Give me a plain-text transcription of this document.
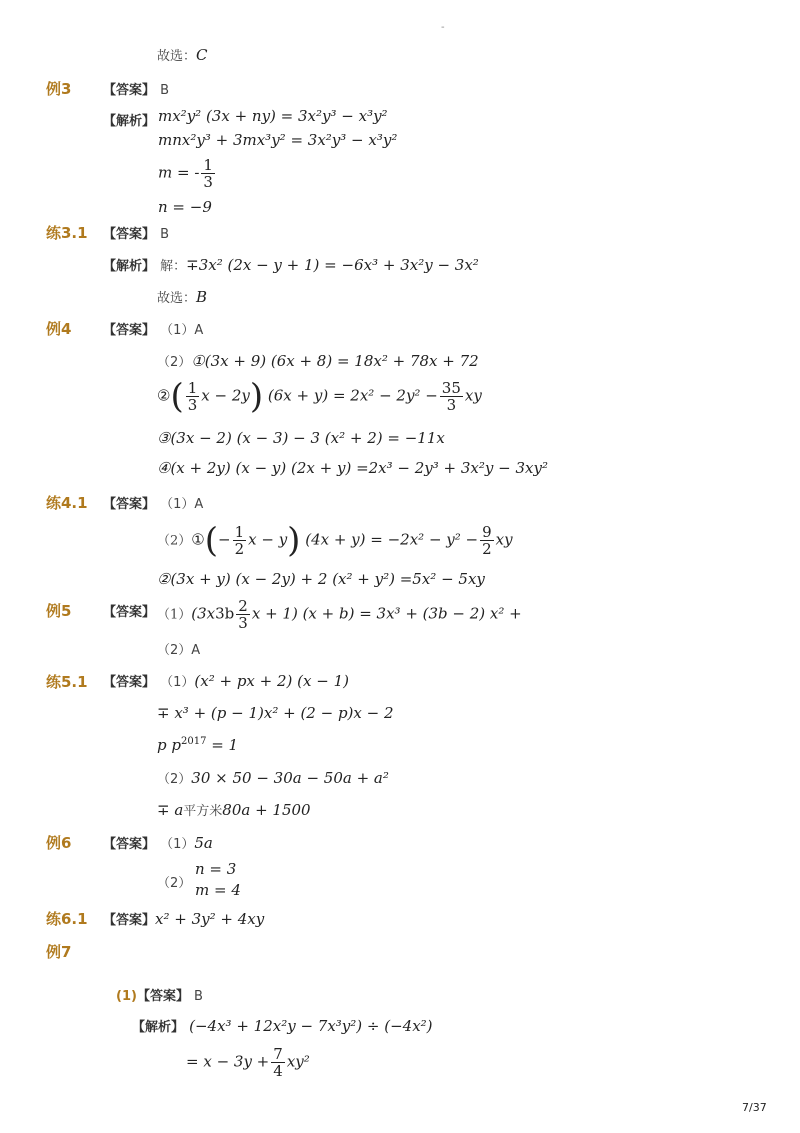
-
故选：C
例3 【答案】 B
【解析】 mx²y² (3x + ny) = 3x²y³ − x³y²
mnx²y³ + 3mx³y² = 3x²y³ − x³y²
m = - $\frac{1}{3}$
n = −9
练3.1 【答案】 B
【解析】 解：∓3x² (2x − y + 1) = −6x³ + 3x²y − 3x²
故选：B
例4 【答案】 （1）A
（2）①(3x + 9) (6x + 8) = 18x² + 78x + 72
②( $\frac{1}{3}$ x − 2y) $(6x + y) = 2x^2 - 2y^2 - \frac{35}{3}$ xy
③(3x − 2) (x − 3) − 3 (x² + 2) = −11x
④(x + 2y) (x − y) (2x + y) =2x³ − 2y³ + 3x²y − 3xy²
练4.1 【答案】 （1）A
（2）①(− $\frac{1}{2}$ x − y) $(4x + y) = -2x^2 - y^2 - \frac{9}{2}$ xy
②(3x + y) (x − 2y) + 2 (x² + y²) =5x² − 5xy
例5 【答案】 $(1)(3x3b \frac{2}{3}$ x + 1) (x + b) = 3x³ + (3b − 2) x² +
（2）A
练5.1 【答案】 （1）(x² + px + 2) (x − 1)
∓ x³ + (p − 1)x² + (2 − p)x − 2
p $p^{2017} = 1$
（2）30 × 50 − 30a − 50a + a²
∓ a平方米80a + 1500
例6 【答案】 （1）5a
（2）
n = 3
m = 4
练6.1 【答案】x² + 3y² + 4xy
例7
(1)【答案】 B
【解析】 (−4x³ + 12x²y − 7x³y²) ÷ (−4x²)
= $x - 3y + \frac{7}{4} xy^2$
7/37
